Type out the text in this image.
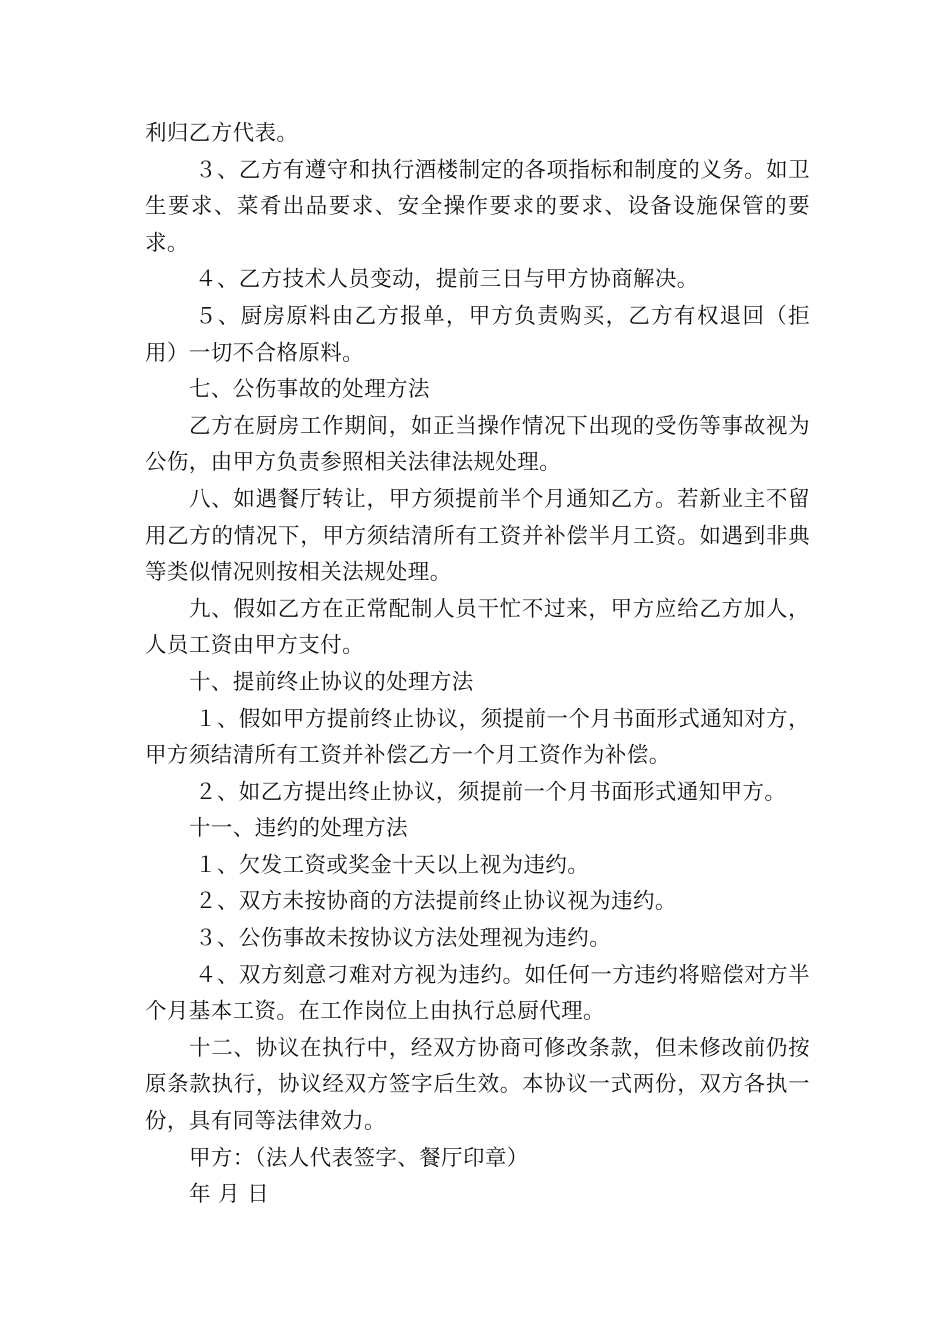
利归乙方代表。

３、乙方有遵守和执行酒楼制定的各项指标和制度的义务。如卫生要求、菜肴出品要求、安全操作要求的要求、设备设施保管的要求。

４、乙方技术人员变动，提前三日与甲方协商解决。

５、厨房原料由乙方报单，甲方负责购买，乙方有权退回（拒用）一切不合格原料。

七、公伤事故的处理方法

乙方在厨房工作期间，如正当操作情况下出现的受伤等事故视为公伤，由甲方负责参照相关法律法规处理。

八、如遇餐厅转让，甲方须提前半个月通知乙方。若新业主不留用乙方的情况下，甲方须结清所有工资并补偿半月工资。如遇到非典等类似情况则按相关法规处理。

九、假如乙方在正常配制人员干忙不过来，甲方应给乙方加人，人员工资由甲方支付。

十、提前终止协议的处理方法

１、假如甲方提前终止协议，须提前一个月书面形式通知对方，甲方须结清所有工资并补偿乙方一个月工资作为补偿。

２、如乙方提出终止协议，须提前一个月书面形式通知甲方。

十一、违约的处理方法

１、欠发工资或奖金十天以上视为违约。

２、双方未按协商的方法提前终止协议视为违约。

３、公伤事故未按协议方法处理视为违约。

４、双方刻意刁难对方视为违约。如任何一方违约将赔偿对方半个月基本工资。在工作岗位上由执行总厨代理。

十二、协议在执行中，经双方协商可修改条款，但未修改前仍按原条款执行，协议经双方签字后生效。本协议一式两份，双方各执一份，具有同等法律效力。

甲方：（法人代表签字、餐厅印章）

年 月 日
